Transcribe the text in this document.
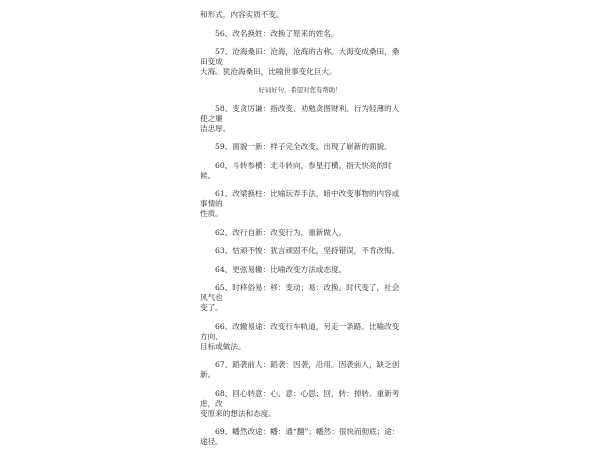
和形式，内容实质不变。

56、改名换姓：改换了原来的姓名。

57、沧海桑田：沧海，沧海的古称。大海变成桑田，桑田变成
大海。犹沧海桑田，比喻世事变化巨大。

好词好句，希望对您有帮助！

58、变贪厉谦：指改变、劝勉贪图财利、行为轻薄的人使之廉
洁忠厚。

59、面貌一新：样子完全改变，出现了崭新的面貌。

60、斗转参横：北斗转向，参星打横。指天快亮的时候。

61、改梁换柱：比喻玩弄手法，暗中改变事物的内容或事情的
性质。

62、改行自新：改变行为，重新做人。

63、怙顽不悛：犹言顽固不化，坚持错误，不肯改悔。

64、更弦易辙：比喻改变方法或态度。

65、时移俗易：移：变动；易：改换。时代变了，社会风气也
变了。

66、改辙易途：改变行车轨道，另走一条路。比喻改变方向、
目标或做法。

67、蹈袭前人：蹈袭：因袭，沿用。因袭前人，缺乏创新。

68、回心转意：心、意：心思；回，转：掉转。重新考虑，改
变原来的想法和态度。

69、幡然改途：幡：通“翻”；幡然：很快而彻底；途：途径。
